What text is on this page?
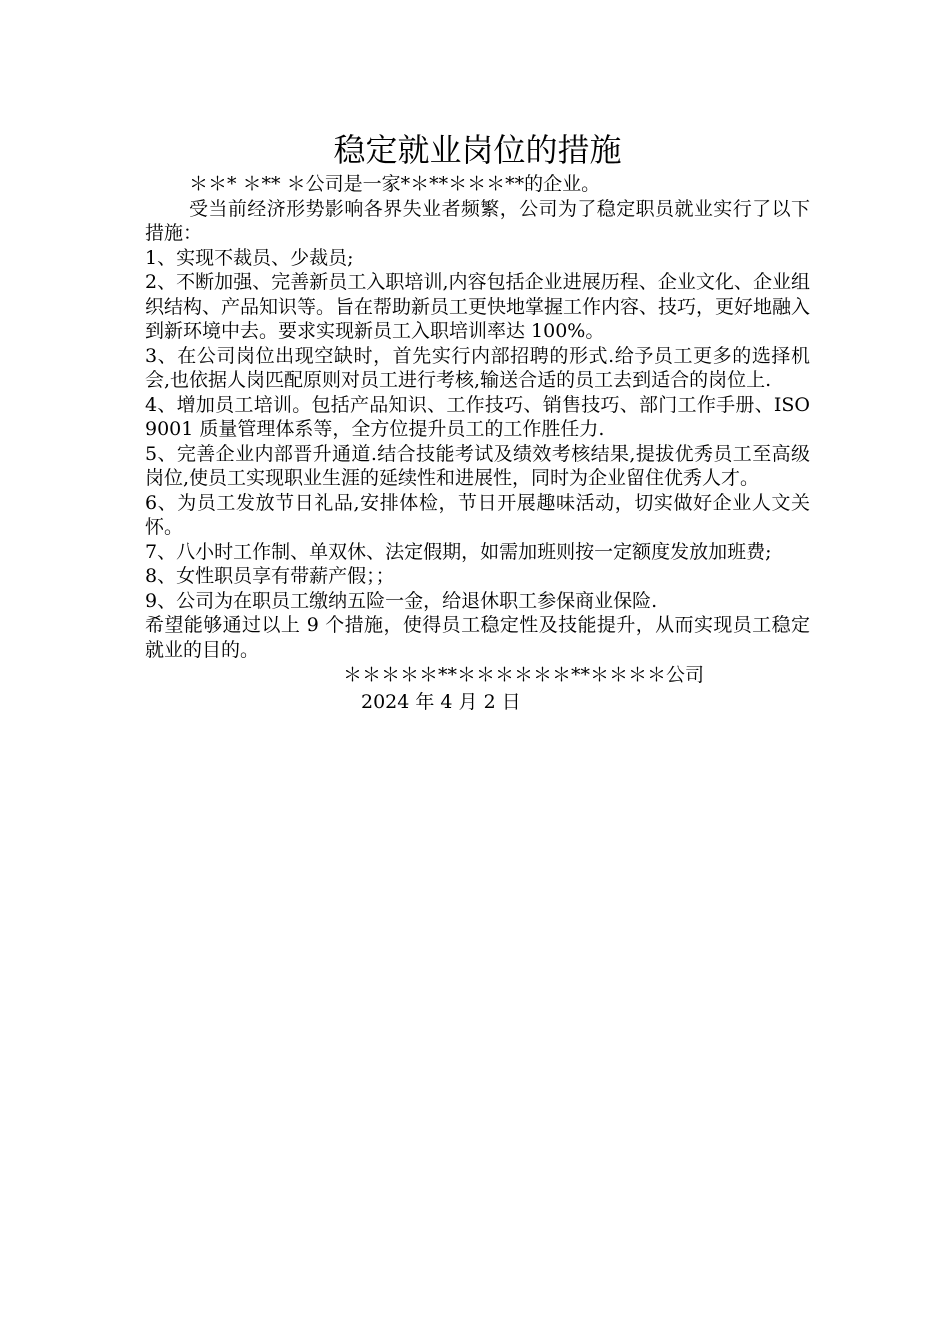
稳定就业岗位的措施

＊＊* ＊** ＊公司是一家*＊**＊＊＊**的企业。

受当前经济形势影响各界失业者频繁，公司为了稳定职员就业实行了以下措施：

1、实现不裁员、少裁员;

2、不断加强、完善新员工入职培训,内容包括企业进展历程、企业文化、企业组织结构、产品知识等。旨在帮助新员工更快地掌握工作内容、技巧，更好地融入到新环境中去。要求实现新员工入职培训率达 100%。

3、在公司岗位出现空缺时，首先实行内部招聘的形式.给予员工更多的选择机会,也依据人岗匹配原则对员工进行考核,输送合适的员工去到适合的岗位上.

4、增加员工培训。包括产品知识、工作技巧、销售技巧、部门工作手册、ISO9001 质量管理体系等，全方位提升员工的工作胜任力.

5、完善企业内部晋升通道.结合技能考试及绩效考核结果,提拔优秀员工至高级岗位,使员工实现职业生涯的延续性和进展性，同时为企业留住优秀人才。

6、为员工发放节日礼品,安排体检，节日开展趣味活动，切实做好企业人文关怀。

7、八小时工作制、单双休、法定假期，如需加班则按一定额度发放加班费;

8、女性职员享有带薪产假；；

9、公司为在职员工缴纳五险一金，给退休职工参保商业保险.

希望能够通过以上 9 个措施，使得员工稳定性及技能提升，从而实现员工稳定就业的目的。

＊＊＊＊＊**＊＊＊＊＊＊**＊＊＊＊公司

2024 年 4 月 2 日
